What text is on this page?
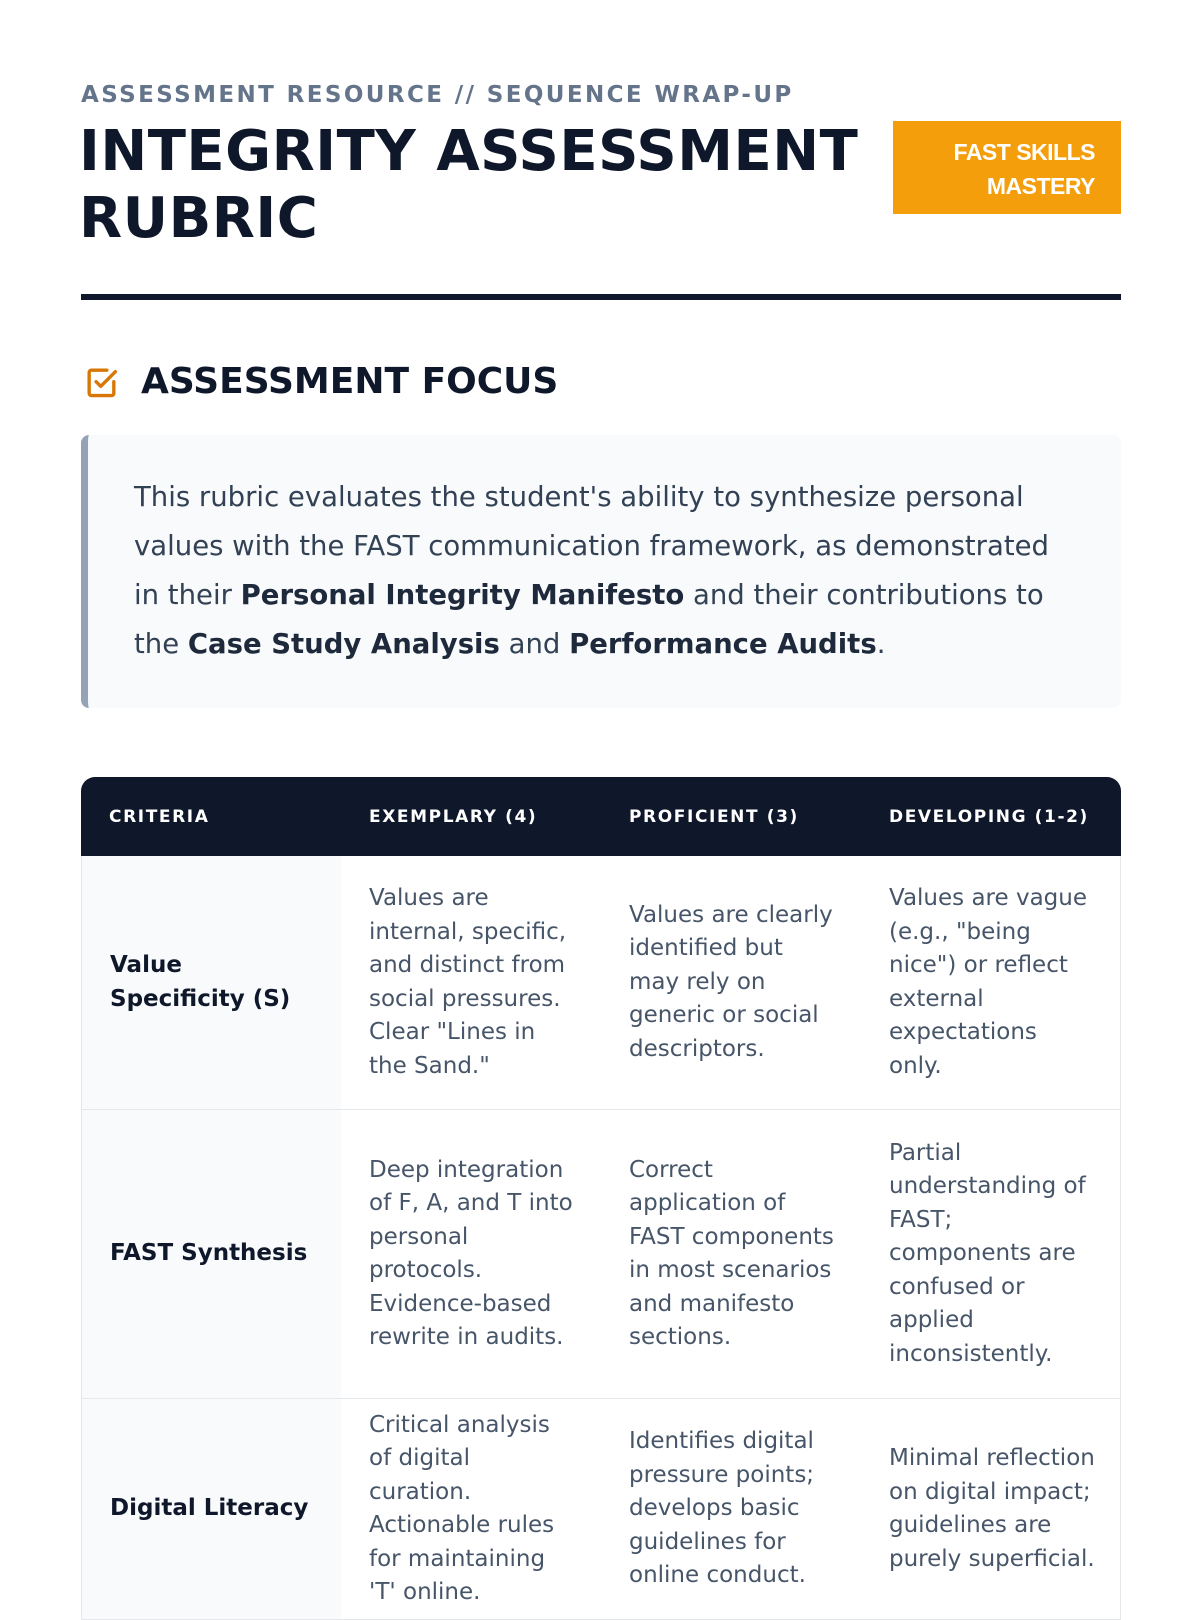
ASSESSMENT RESOURCE // SEQUENCE WRAP-UP
INTEGRITY ASSESSMENT RUBRIC
FAST SKILLS MASTERY
ASSESSMENT FOCUS

This rubric evaluates the student's ability to synthesize personal values with the FAST communication framework, as demonstrated in their Personal Integrity Manifesto and their contributions to the Case Study Analysis and Performance Audits.

CRITERIA	EXEMPLARY (4)	PROFICIENT (3)	DEVELOPING (1-2)
Value Specificity (S)	Values are internal, specific, and distinct from social pressures. Clear "Lines in the Sand."	Values are clearly identified but may rely on generic or social descriptors.	Values are vague (e.g., "being nice") or reflect external expectations only.
FAST Synthesis	Deep integration of F, A, and T into personal protocols. Evidence-based rewrite in audits.	Correct application of FAST components in most scenarios and manifesto sections.	Partial understanding of FAST; components are confused or applied inconsistently.
Digital Literacy	Critical analysis of digital curation. Actionable rules for maintaining 'T' online.	Identifies digital pressure points; develops basic guidelines for online conduct.	Minimal reflection on digital impact; guidelines are purely superficial.
